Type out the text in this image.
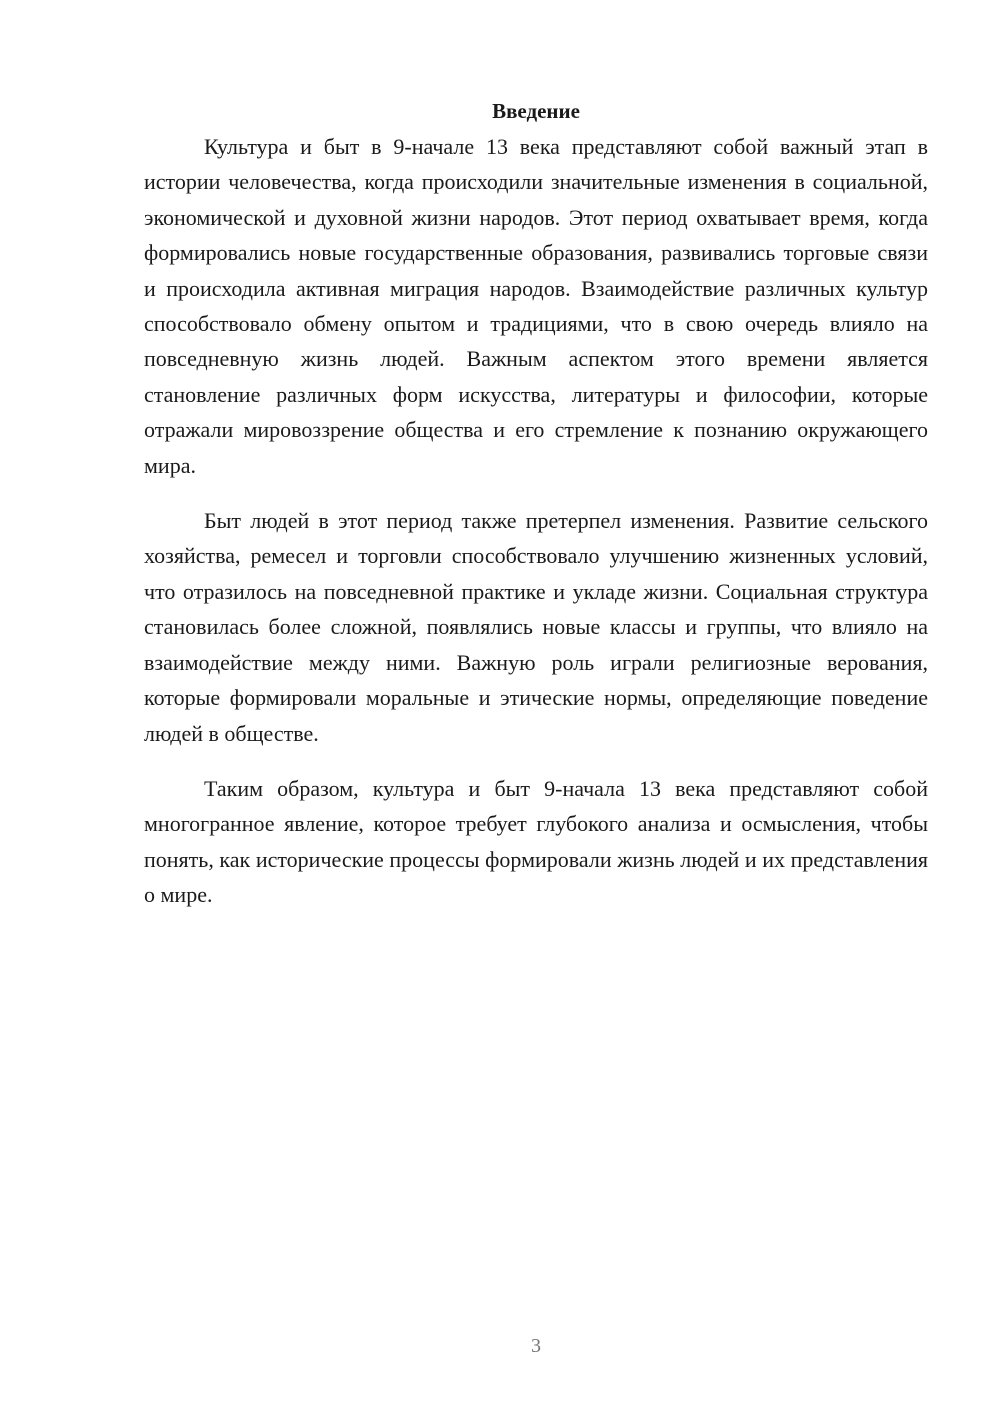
Введение

Культура и быт в 9-начале 13 века представляют собой важный этап в истории человечества, когда происходили значительные изменения в социальной, экономической и духовной жизни народов. Этот период охватывает время, когда формировались новые государственные образования, развивались торговые связи и происходила активная миграция народов. Взаимодействие различных культур способствовало обмену опытом и традициями, что в свою очередь влияло на повседневную жизнь людей. Важным аспектом этого времени является становление различных форм искусства, литературы и философии, которые отражали мировоззрение общества и его стремление к познанию окружающего мира.

Быт людей в этот период также претерпел изменения. Развитие сельского хозяйства, ремесел и торговли способствовало улучшению жизненных условий, что отразилось на повседневной практике и укладе жизни. Социальная структура становилась более сложной, появлялись новые классы и группы, что влияло на взаимодействие между ними. Важную роль играли религиозные верования, которые формировали моральные и этические нормы, определяющие поведение людей в обществе.

Таким образом, культура и быт 9-начала 13 века представляют собой многогранное явление, которое требует глубокого анализа и осмысления, чтобы понять, как исторические процессы формировали жизнь людей и их представления о мире.

3
